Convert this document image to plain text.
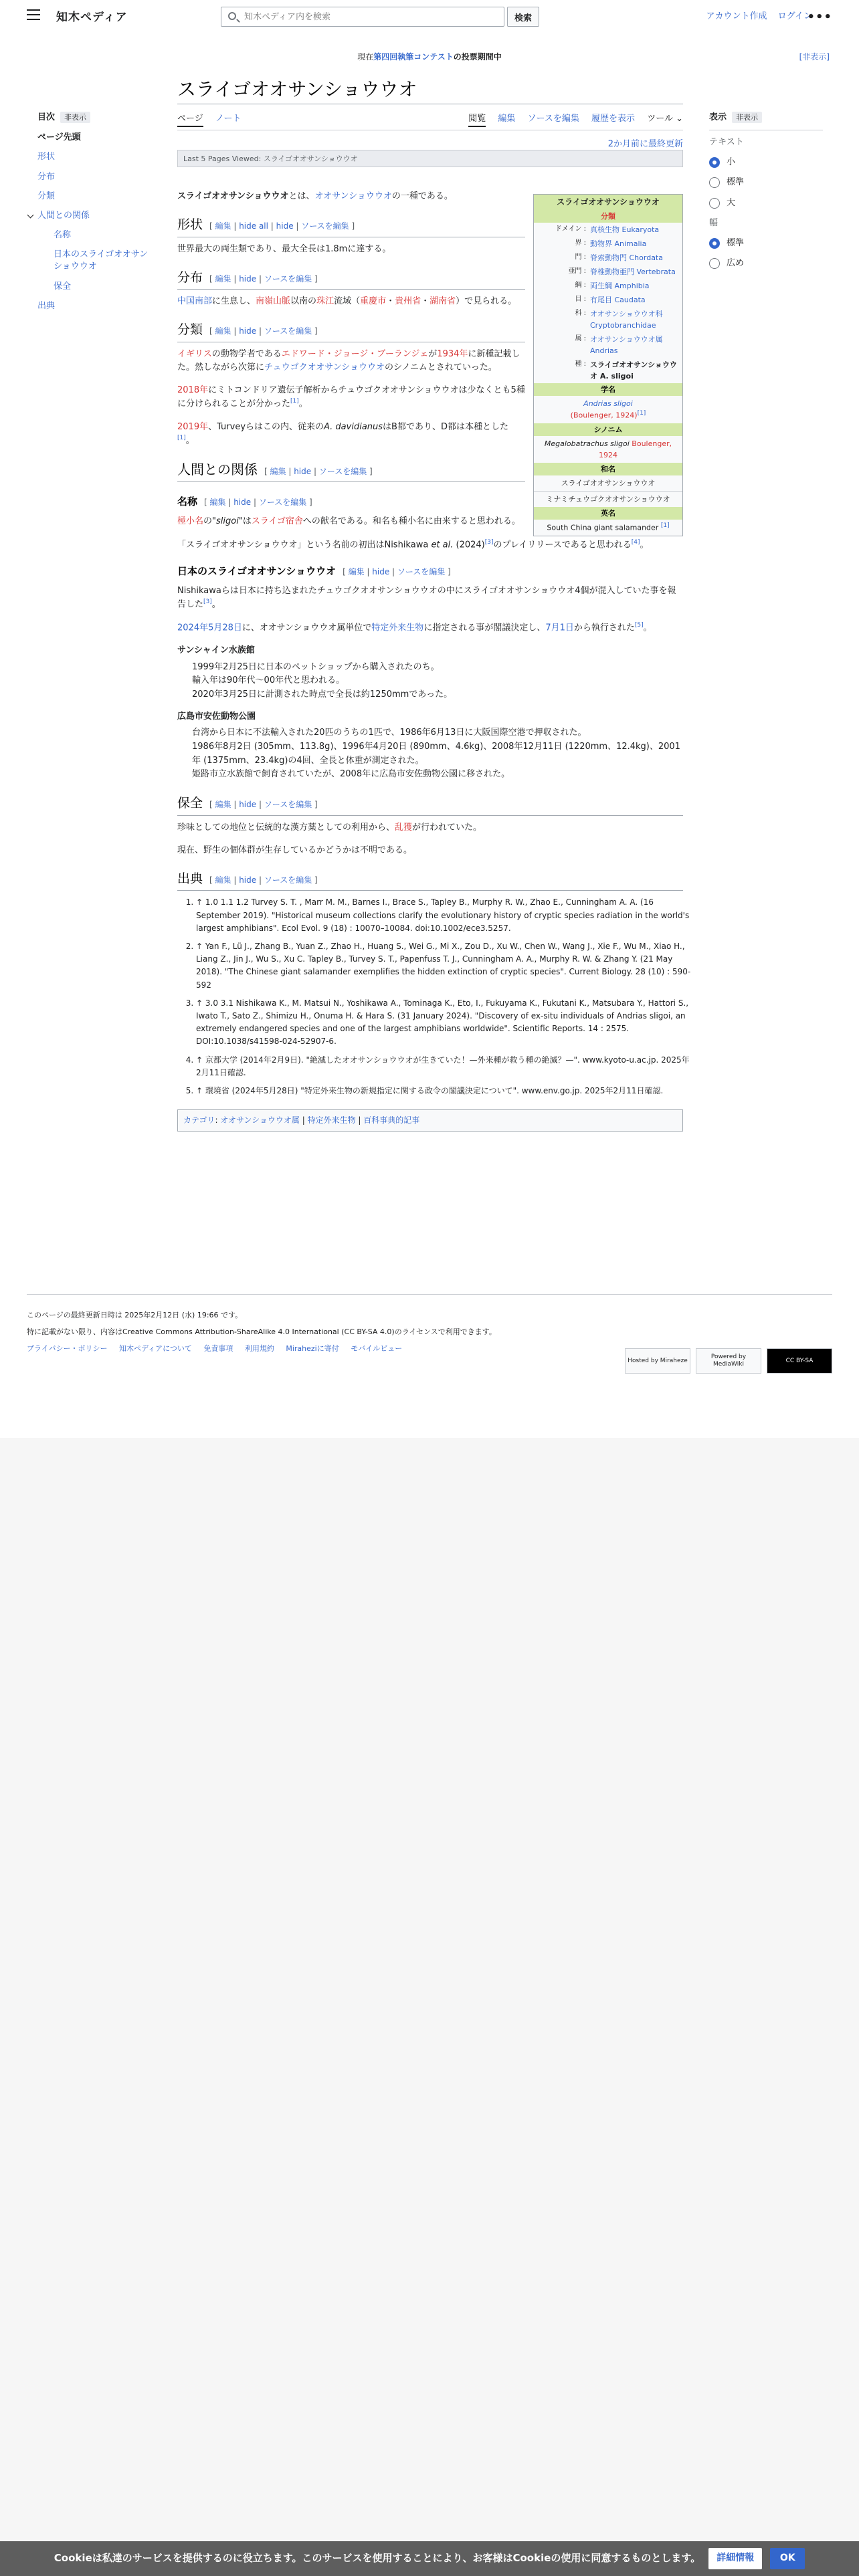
知木ペディア
知木ペディア内を検索	検索	アカウント作成 ログイン
•••
現在第四回執筆コンテストの投票期間中	[非表示]
スライゴオオサンショウウオ
ページ ノート	閲覧 編集 ソースを編集 履歴を表示 ツール ⌄
2か月前に最終更新
Last 5 Pages Viewed: スライゴオオサンショウウオ
目次 非表示
ページ先頭
形状
分布
分類
人間との関係
名称
日本のスライゴオオサンショウウオ
保全
出典
表示 非表示
テキスト
小
標準
大
幅
標準
広め
スライゴオオサンショウウオ
分類
ドメイン : 真核生物 Eukaryota
界 : 動物界 Animalia
門 : 脊索動物門 Chordata
亜門 : 脊椎動物亜門 Vertebrata
綱 : 両生綱 Amphibia
目 : 有尾目 Caudata
科 : オオサンショウウオ科 Cryptobranchidae
属 : オオサンショウウオ属 Andrias
種 : スライゴオオサンショウウオ A. sligoi
学名
Andrias sligoi
(Boulenger, 1924)[1]
シノニム
Megalobatrachus sligoi Boulenger, 1924
和名
スライゴオオサンショウウオ
ミナミチュウゴクオオサンショウウオ
英名
South China giant salamander [1]

スライゴオオサンショウウオとは、オオサンショウウオの一種である。

形状 [ 編集 | hide all | hide | ソースを編集 ]

世界最大の両生類であり、最大全長は1.8mに達する。

分布 [ 編集 | hide | ソースを編集 ]

中国南部に生息し、南嶺山脈以南の珠江流域（重慶市・貴州省・湖南省）で見られる。

分類 [ 編集 | hide | ソースを編集 ]

イギリスの動物学者であるエドワード・ジョージ・ブーランジェが1934年に新種記載した。然しながら次第にチュウゴクオオサンショウウオのシノニムとされていった。

2018年にミトコンドリア遺伝子解析からチュウゴクオオサンショウウオは少なくとも5種に分けられることが分かった[1]。

2019年、Turveyらはこの内、従来のA. davidianusはB都であり、D都は本種とした[1]。

人間との関係 [ 編集 | hide | ソースを編集 ]
名称 [ 編集 | hide | ソースを編集 ]

極小名の"sligoi"はスライゴ宿舎への献名である。和名も種小名に由来すると思われる。

「スライゴオオサンショウウオ」という名前の初出はNishikawa et al. (2024)[3]のプレイリリースであると思われる[4]。

日本のスライゴオオサンショウウオ [ 編集 | hide | ソースを編集 ]

Nishikawaらは日本に持ち込まれたチュウゴクオオサンショウウオの中にスライゴオオサンショウウオ4個が混入していた事を報告した[3]。

2024年5月28日に、オオサンショウウオ属単位で特定外来生物に指定される事が閣議決定し、7月1日から執行された[5]。

サンシャイン水族館
1999年2月25日に日本のペットショップから購入されたのち。
輸入年は90年代〜00年代と思われる。
2020年3月25日に計測された時点で全長は約1250mmであった。
広島市安佐動物公園
台湾から日本に不法輸入された20匹のうちの1匹で、1986年6月13日に大阪国際空港で押収された。
1986年8月2日 (305mm、113.8g)、1996年4月20日 (890mm、4.6kg)、2008年12月11日 (1220mm、12.4kg)、2001年 (1375mm、23.4kg)の4回、全長と体重が測定された。
姫路市立水族館で飼育されていたが、2008年に広島市安佐動物公園に移された。
保全 [ 編集 | hide | ソースを編集 ]

珍味としての地位と伝統的な漢方薬としての利用から、乱獲が行われていた。

現在、野生の個体群が生存しているかどうかは不明である。

出典 [ 編集 | hide | ソースを編集 ]
1. ↑ 1.0 1.1 1.2 Turvey S. T. , Marr M. M., Barnes I., Brace S., Tapley B., Murphy R. W., Zhao E., Cunningham A. A. (16 September 2019). "Historical museum collections clarify the evolutionary history of cryptic species radiation in the world's largest amphibians". Ecol Evol. 9 (18) : 10070–10084. doi:10.1002/ece3.5257.
2. ↑ Yan F., Lü J., Zhang B., Yuan Z., Zhao H., Huang S., Wei G., Mi X., Zou D., Xu W., Chen W., Wang J., Xie F., Wu M., Xiao H., Liang Z., Jin J., Wu S., Xu C. Tapley B., Turvey S. T., Papenfuss T. J., Cunningham A. A., Murphy R. W. & Zhang Y. (21 May 2018). "The Chinese giant salamander exemplifies the hidden extinction of cryptic species". Current Biology. 28 (10) : 590-592
3. ↑ 3.0 3.1 Nishikawa K., M. Matsui N., Yoshikawa A., Tominaga K., Eto, I., Fukuyama K., Fukutani K., Matsubara Y., Hattori S., Iwato T., Sato Z., Shimizu H., Onuma H. & Hara S. (31 January 2024). "Discovery of ex-situ individuals of Andrias sligoi, an extremely endangered species and one of the largest amphibians worldwide". Scientific Reports. 14 : 2575. DOI:10.1038/s41598-024-52907-6.
4. ↑ 京都大学 (2014年2月9日). "絶滅したオオサンショウウオが生きていた！—外来種が救う種の絶滅？—". www.kyoto-u.ac.jp. 2025年2月11日確認.
5. ↑ 環境省 (2024年5月28日) "特定外来生物の新規指定に関する政令の閣議決定について". www.env.go.jp. 2025年2月11日確認.
カテゴリ: オオサンショウウオ属 | 特定外来生物 | 百科事典的記事

このページの最終更新日時は 2025年2月12日 (水) 19:66 です。

特に記載がない限り、内容はCreative Commons Attribution-ShareAlike 4.0 International (CC BY-SA 4.0)のライセンスで利用できます。

プライバシー・ポリシー 知木ペディアについて 免責事項 利用規約 Miraheziに寄付 モバイルビュー
Hosted by Miraheze
Powered by MediaWiki
CC BY-SA
Cookieは私達のサービスを提供するのに役立ちます。このサービスを使用することにより、お客様はCookieの使用に同意するものとします。	詳細情報	OK
